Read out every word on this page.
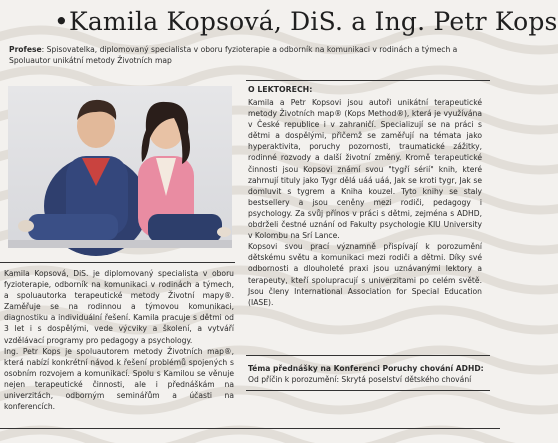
•Kamila Kopsová, DiS. a Ing. Petr Kops
Profese: Spisovatelka, diplomovaný specialista v oboru fyzioterapie a odborník na komunikaci v rodinách a týmech a Spoluautor unikátní metody Životních map
O LEKTORECH:

Kamila a Petr Kopsovi jsou autoři unikátní terapeutické metody Životních map® (Kops Method®), která je využívána v České republice i v zahraničí. Specializují se na práci s dětmi a dospělými, přičemž se zaměřují na témata jako hyperaktivita, poruchy pozornosti, traumatické zážitky, rodinné rozvody a další životní změny. Kromě terapeutické činnosti jsou Kopsovi známí svou "tygří sérií" knih, které zahrnují tituly jako Tygr dělá uáá uáá, Jak se kroti tygr, Jak se domluvit s tygrem a Kniha kouzel. Tyto knihy se staly bestsellery a jsou ceněny mezi rodiči, pedagogy i psychology. Za svůj přínos v práci s dětmi, zejména s ADHD, obdrželi čestné uznání od Fakulty psychologie KIU University v Kolombu na Srí Lance.

Kopsovi svou prací významně přispívají k porozumění dětskému světu a komunikaci mezi rodiči a dětmi. Díky své odbornosti a dlouholeté praxi jsou uznávanými lektory a terapeuty, kteří spolupracují s univerzitami po celém světě. Jsou členy International Association for Special Education (IASE).

Téma přednášky na Konferenci Poruchy chování ADHD:
Od příčin k porozumění: Skrytá poselství dětského chování

Kamila Kopsová, DiS. je diplomovaný specialista v oboru fyzioterapie, odborník na komunikaci v rodinách a týmech, a spoluautorka terapeutické metody Životní mapy®. Zaměřuje se na rodinnou a týmovou komunikaci, diagnostiku a individuální řešení. Kamila pracuje s dětmi od 3 let i s dospělými, vede výcviky a školení, a vytváří vzdělávací programy pro pedagogy a psychology.

Ing. Petr Kops je spoluautorem metody Životních map®, která nabízí konkrétní návod k řešení problémů spojených s osobním rozvojem a komunikací. Spolu s Kamilou se věnuje nejen terapeutické činnosti, ale i přednáškám na univerzitách, odborným seminářům a účasti na konferencích.
